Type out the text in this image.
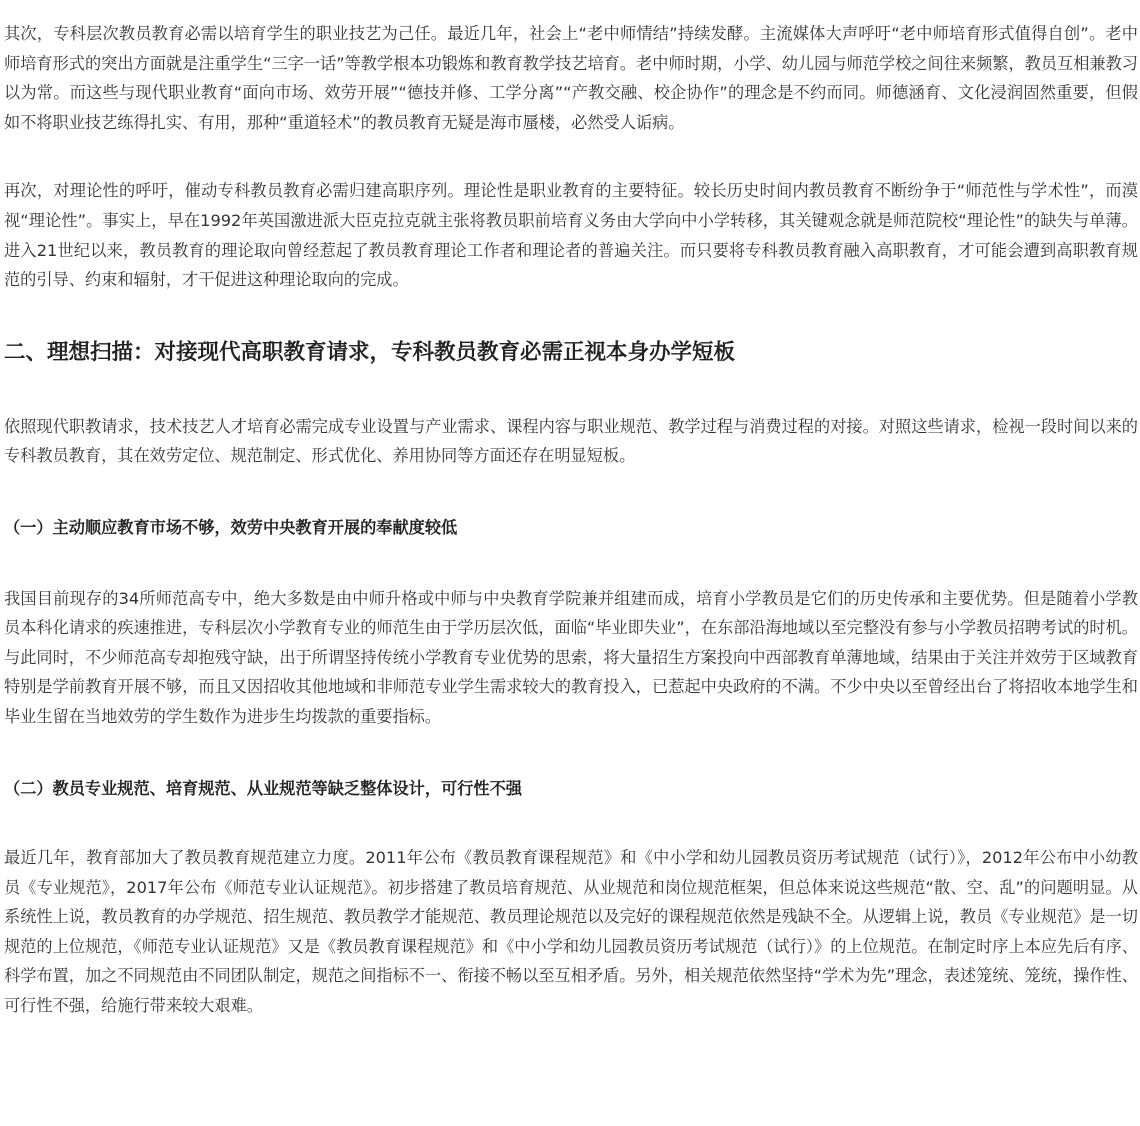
其次，专科层次教员教育必需以培育学生的职业技艺为己任。最近几年，社会上“老中师情结”持续发酵。主流媒体大声呼吁“老中师培育形式值得自创”。老中师培育形式的突出方面就是注重学生“三字一话”等教学根本功锻炼和教育教学技艺培育。老中师时期，小学、幼儿园与师范学校之间往来频繁，教员互相兼教习以为常。而这些与现代职业教育“面向市场、效劳开展”“德技并修、工学分离”“产教交融、校企协作”的理念是不约而同。师德涵育、文化浸润固然重要，但假如不将职业技艺练得扎实、有用，那种“重道轻术”的教员教育无疑是海市蜃楼，必然受人诟病。

再次，对理论性的呼吁，催动专科教员教育必需归建高职序列。理论性是职业教育的主要特征。较长历史时间内教员教育不断纷争于“师范性与学术性”，而漠视“理论性”。事实上，早在1992年英国激进派大臣克拉克就主张将教员职前培育义务由大学向中小学转移，其关键观念就是师范院校“理论性”的缺失与单薄。进入21世纪以来，教员教育的理论取向曾经惹起了教员教育理论工作者和理论者的普遍关注。而只要将专科教员教育融入高职教育，才可能会遭到高职教育规范的引导、约束和辐射，才干促进这种理论取向的完成。

二、理想扫描：对接现代高职教育请求，专科教员教育必需正视本身办学短板

依照现代职教请求，技术技艺人才培育必需完成专业设置与产业需求、课程内容与职业规范、教学过程与消费过程的对接。对照这些请求，检视一段时间以来的专科教员教育，其在效劳定位、规范制定、形式优化、养用协同等方面还存在明显短板。

（一）主动顺应教育市场不够，效劳中央教育开展的奉献度较低

我国目前现存的34所师范高专中，绝大多数是由中师升格或中师与中央教育学院兼并组建而成，培育小学教员是它们的历史传承和主要优势。但是随着小学教员本科化请求的疾速推进，专科层次小学教育专业的师范生由于学历层次低，面临“毕业即失业”，在东部沿海地域以至完整没有参与小学教员招聘考试的时机。与此同时，不少师范高专却抱残守缺，出于所谓坚持传统小学教育专业优势的思索，将大量招生方案投向中西部教育单薄地域，结果由于关注并效劳于区域教育特别是学前教育开展不够，而且又因招收其他地域和非师范专业学生需求较大的教育投入，已惹起中央政府的不满。不少中央以至曾经出台了将招收本地学生和毕业生留在当地效劳的学生数作为进步生均拨款的重要指标。

（二）教员专业规范、培育规范、从业规范等缺乏整体设计，可行性不强

最近几年，教育部加大了教员教育规范建立力度。2011年公布《教员教育课程规范》和《中小学和幼儿园教员资历考试规范（试行）》，2012年公布中小幼教员《专业规范》，2017年公布《师范专业认证规范》。初步搭建了教员培育规范、从业规范和岗位规范框架，但总体来说这些规范“散、空、乱”的问题明显。从系统性上说，教员教育的办学规范、招生规范、教员教学才能规范、教员理论规范以及完好的课程规范依然是残缺不全。从逻辑上说，教员《专业规范》是一切规范的上位规范，《师范专业认证规范》又是《教员教育课程规范》和《中小学和幼儿园教员资历考试规范（试行）》的上位规范。在制定时序上本应先后有序、科学布置，加之不同规范由不同团队制定，规范之间指标不一、衔接不畅以至互相矛盾。另外，相关规范依然坚持“学术为先”理念，表述笼统、笼统，操作性、可行性不强，给施行带来较大艰难。
